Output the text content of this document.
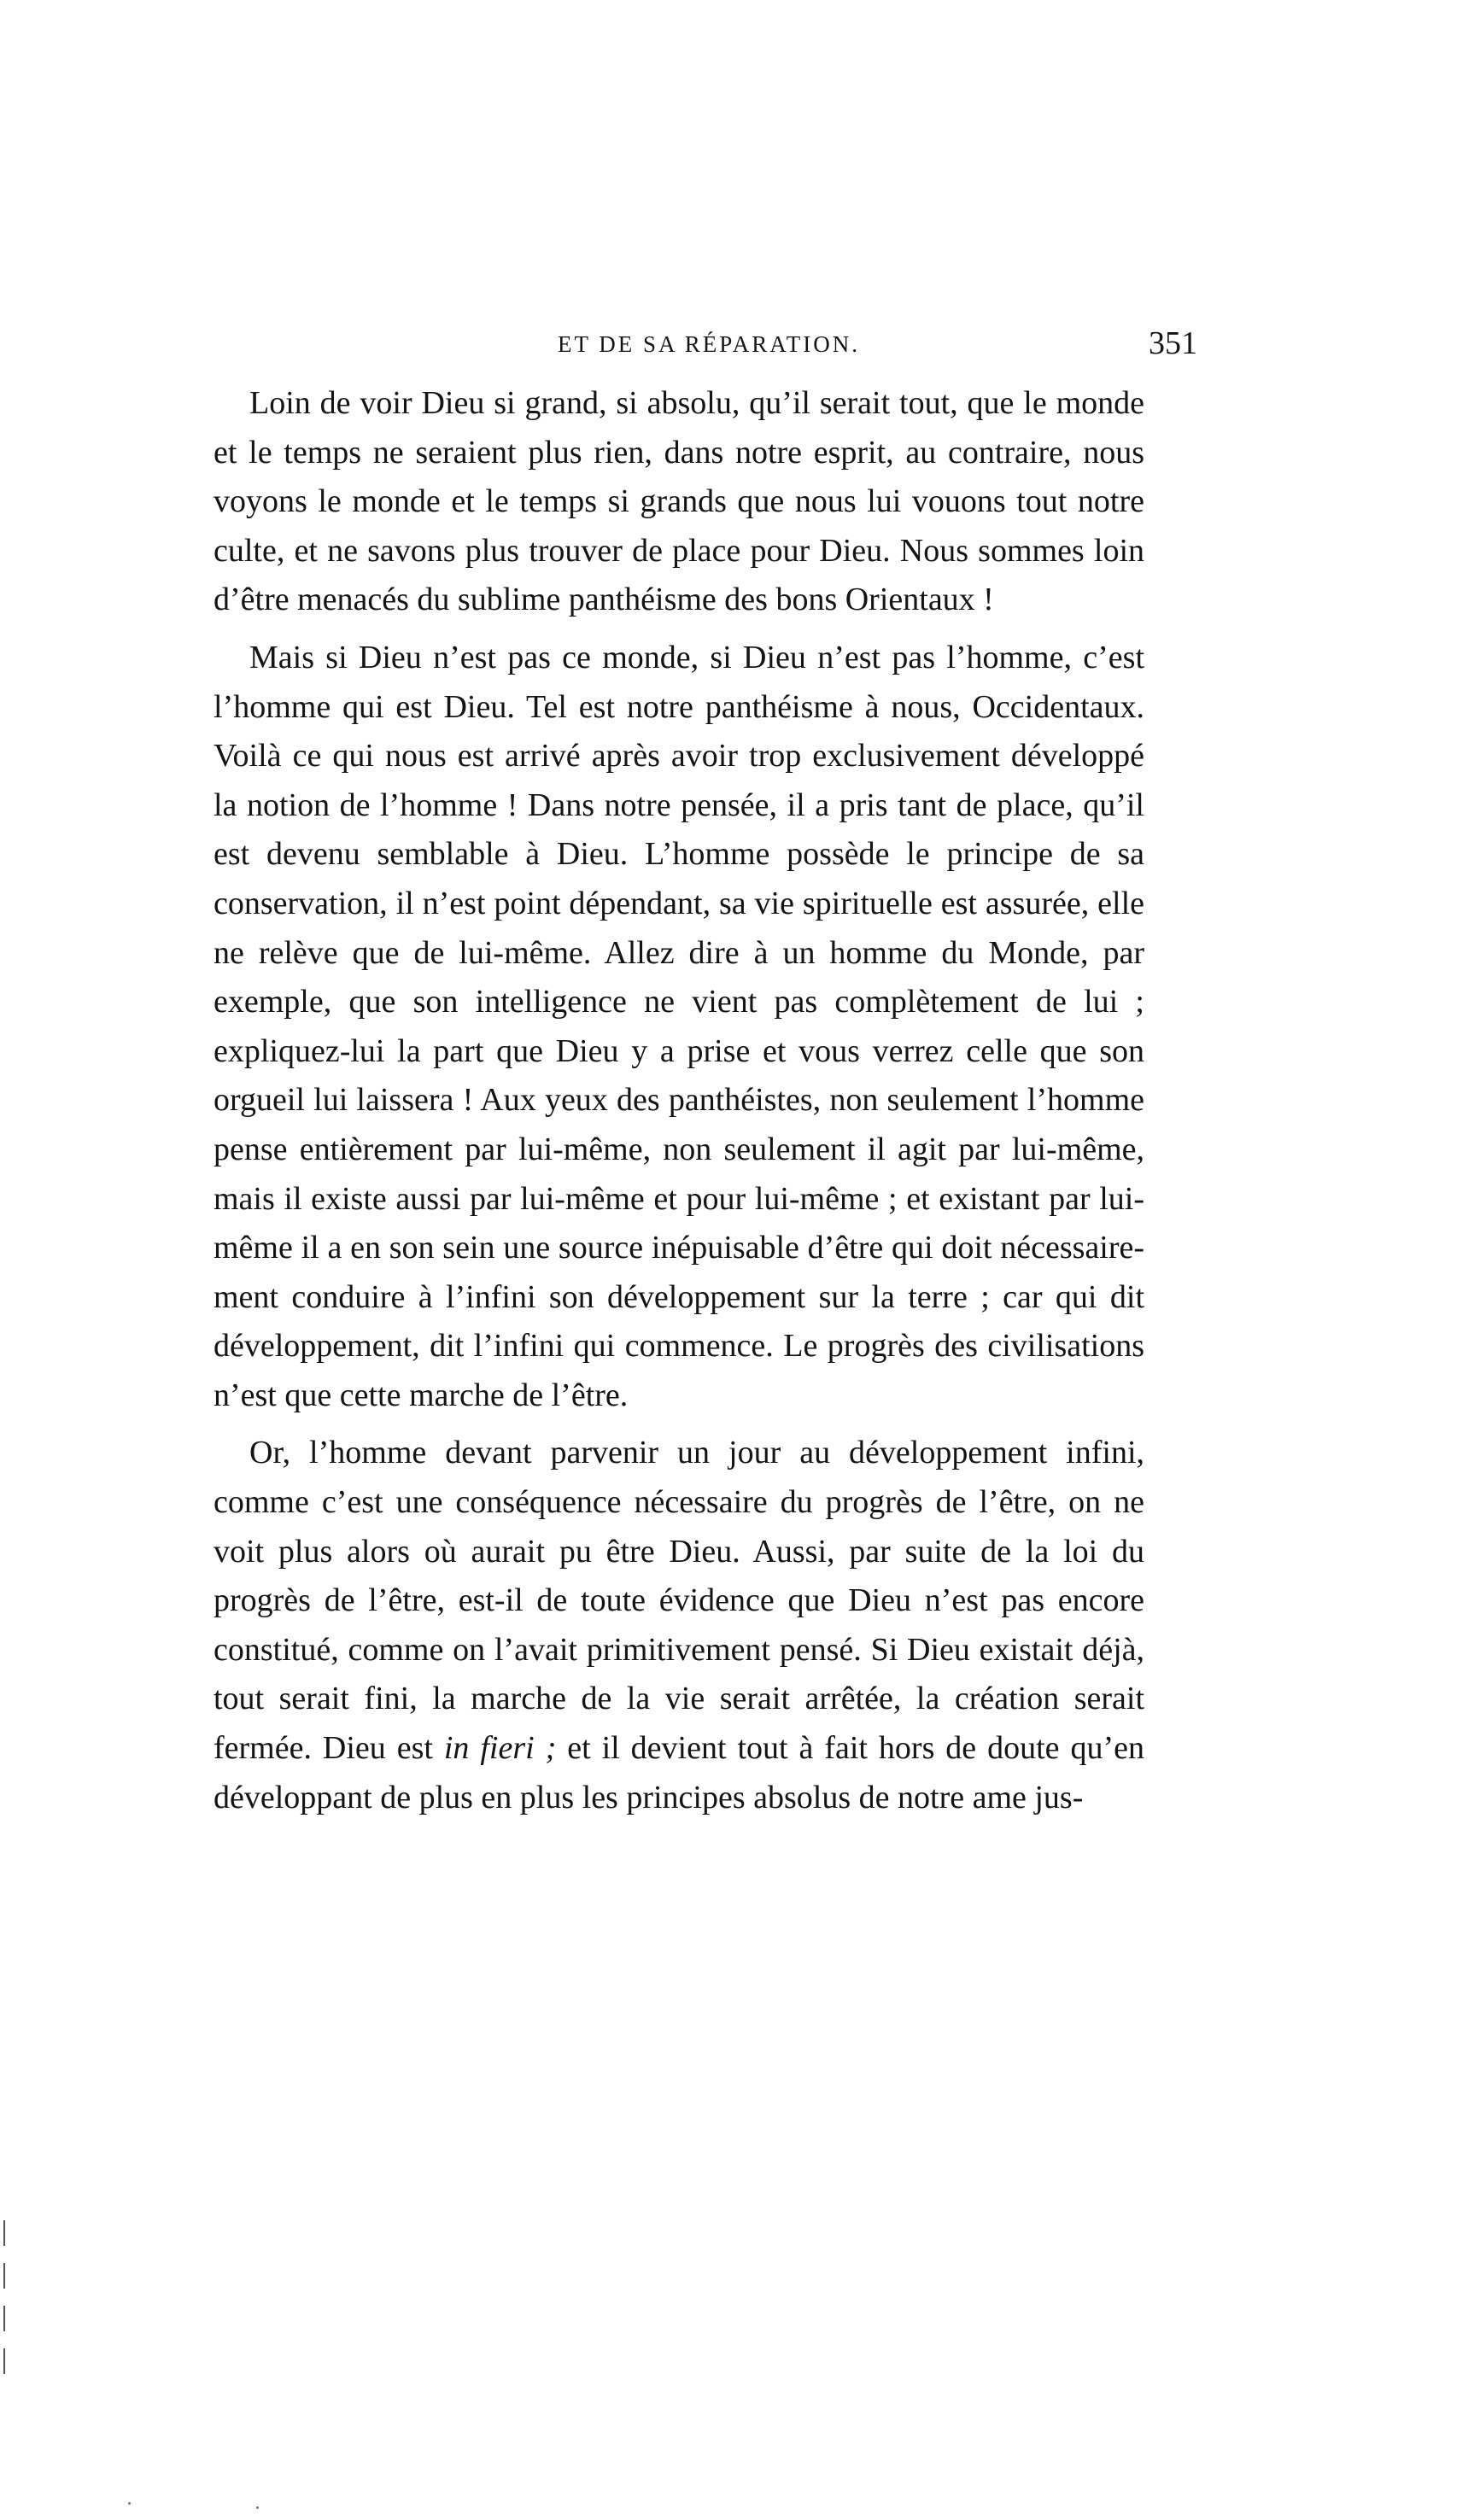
ET DE SA RÉPARATION.	351

Loin de voir Dieu si grand, si absolu, qu’il serait tout, que le monde et le temps ne seraient plus rien, dans notre esprit, au contraire, nous voyons le monde et le temps si grands que nous lui vouons tout notre culte, et ne savons plus trouver de place pour Dieu. Nous sommes loin d’être menacés du sublime panthéisme des bons Orientaux !

Mais si Dieu n’est pas ce monde, si Dieu n’est pas l’homme, c’est l’homme qui est Dieu. Tel est notre panthéisme à nous, Occidentaux. Voilà ce qui nous est arrivé après avoir trop exclusivement développé la notion de l’homme ! Dans notre pensée, il a pris tant de place, qu’il est devenu semblable à Dieu. L’homme possède le principe de sa conservation, il n’est point dépendant, sa vie spirituelle est assurée, elle ne relève que de lui-même. Allez dire à un homme du Monde, par exemple, que son intelligence ne vient pas complètement de lui ; expliquez-lui la part que Dieu y a prise et vous verrez celle que son orgueil lui laissera ! Aux yeux des panthéistes, non seulement l’homme pense entièrement par lui-même, non seulement il agit par lui-même, mais il existe aussi par lui-même et pour lui-même ; et existant par lui-même il a en son sein une source inépuisable d’être qui doit nécessairement conduire à l’infini son développement sur la terre ; car qui dit développement, dit l’infini qui commence. Le progrès des civilisations n’est que cette marche de l’être.

Or, l’homme devant parvenir un jour au développement infini, comme c’est une conséquence nécessaire du progrès de l’être, on ne voit plus alors où aurait pu être Dieu. Aussi, par suite de la loi du progrès de l’être, est-il de toute évidence que Dieu n’est pas encore constitué, comme on l’avait primitivement pensé. Si Dieu existait déjà, tout serait fini, la marche de la vie serait arrêtée, la création serait fermée. Dieu est in fieri ; et il devient tout à fait hors de doute qu’en développant de plus en plus les principes absolus de notre ame jus-
